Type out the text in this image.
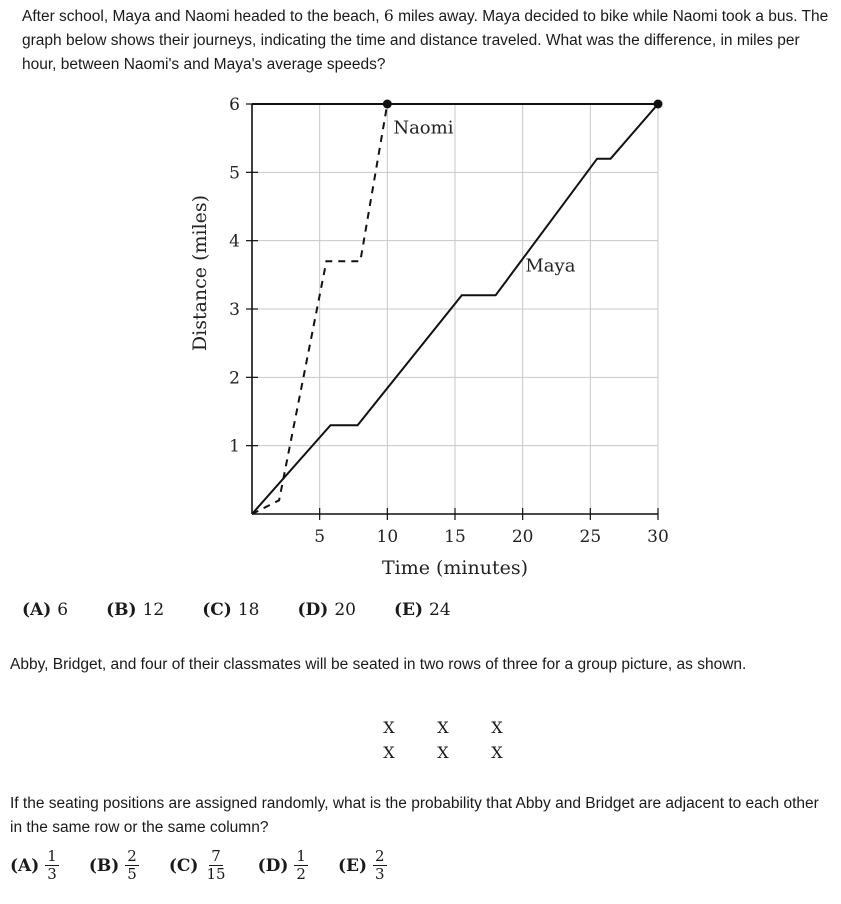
After school, Maya and Naomi headed to the beach, 6 miles away. Maya decided to bike while Naomi took a bus. The graph below shows their journeys, indicating the time and distance traveled. What was the difference, in miles per hour, between Naomi's and Maya's average speeds?
5	10	15	20	25	30
1
2
3
4
5
6
Time (minutes)
Distance (miles)
Naomi
Maya
(A) 6 (B) 12 (C) 18 (D) 20 (E) 24
Abby, Bridget, and four of their classmates will be seated in two rows of three for a group picture, as shown.
X	X	X
X	X	X
If the seating positions are assigned randomly, what is the probability that Abby and Bridget are adjacent to each other in the same row or the same column?
$(A) \frac{1}{3} (B) \frac{2}{5} (C) \frac{7}{15} (D) \frac{1}{2} (E) \frac{2}{3}$
